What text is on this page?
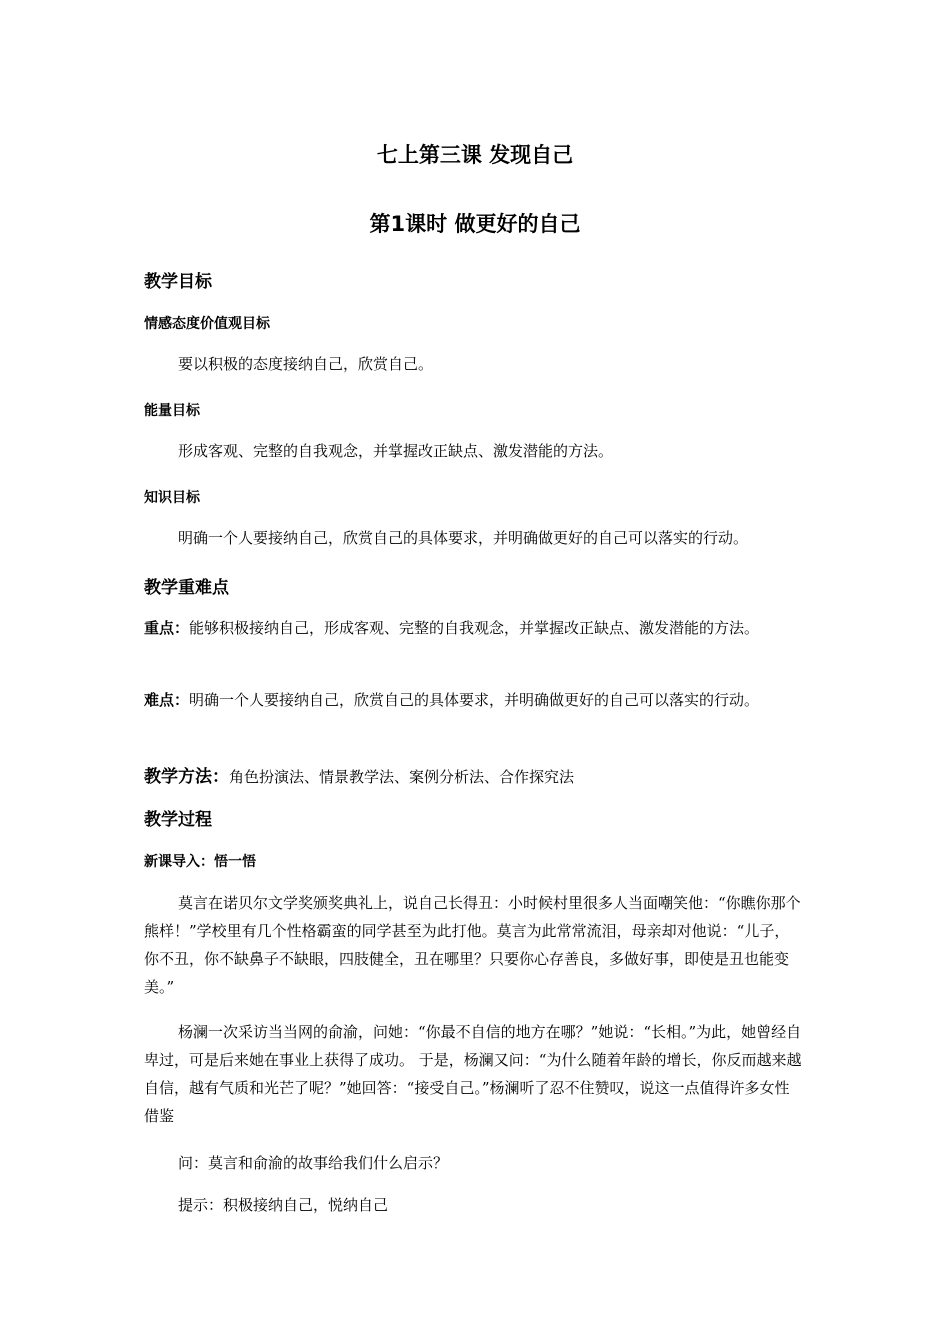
七上第三课 发现自己
第1课时 做更好的自己
教学目标
情感态度价值观目标
要以积极的态度接纳自己，欣赏自己。
能量目标
形成客观、完整的自我观念，并掌握改正缺点、激发潜能的方法。
知识目标
明确一个人要接纳自己，欣赏自己的具体要求，并明确做更好的自己可以落实的行动。
教学重难点
重点：能够积极接纳自己，形成客观、完整的自我观念，并掌握改正缺点、激发潜能的方法。
难点：明确一个人要接纳自己，欣赏自己的具体要求，并明确做更好的自己可以落实的行动。
教学方法：角色扮演法、情景教学法、案例分析法、合作探究法
教学过程
新课导入：悟一悟
莫言在诺贝尔文学奖颁奖典礼上，说自己长得丑：小时候村里很多人当面嘲笑他：“你瞧你那个熊样！”学校里有几个性格霸蛮的同学甚至为此打他。莫言为此常常流泪，母亲却对他说：“儿子，你不丑，你不缺鼻子不缺眼，四肢健全，丑在哪里？只要你心存善良，多做好事，即使是丑也能变美。”
杨澜一次采访当当网的俞渝，问她：“你最不自信的地方在哪？”她说：“长相。”为此，她曾经自卑过，可是后来她在事业上获得了成功。 于是，杨澜又问：“为什么随着年龄的增长，你反而越来越自信，越有气质和光芒了呢？”她回答：“接受自己。”杨澜听了忍不住赞叹，说这一点值得许多女性借鉴
问：莫言和俞渝的故事给我们什么启示？
提示：积极接纳自己，悦纳自己
